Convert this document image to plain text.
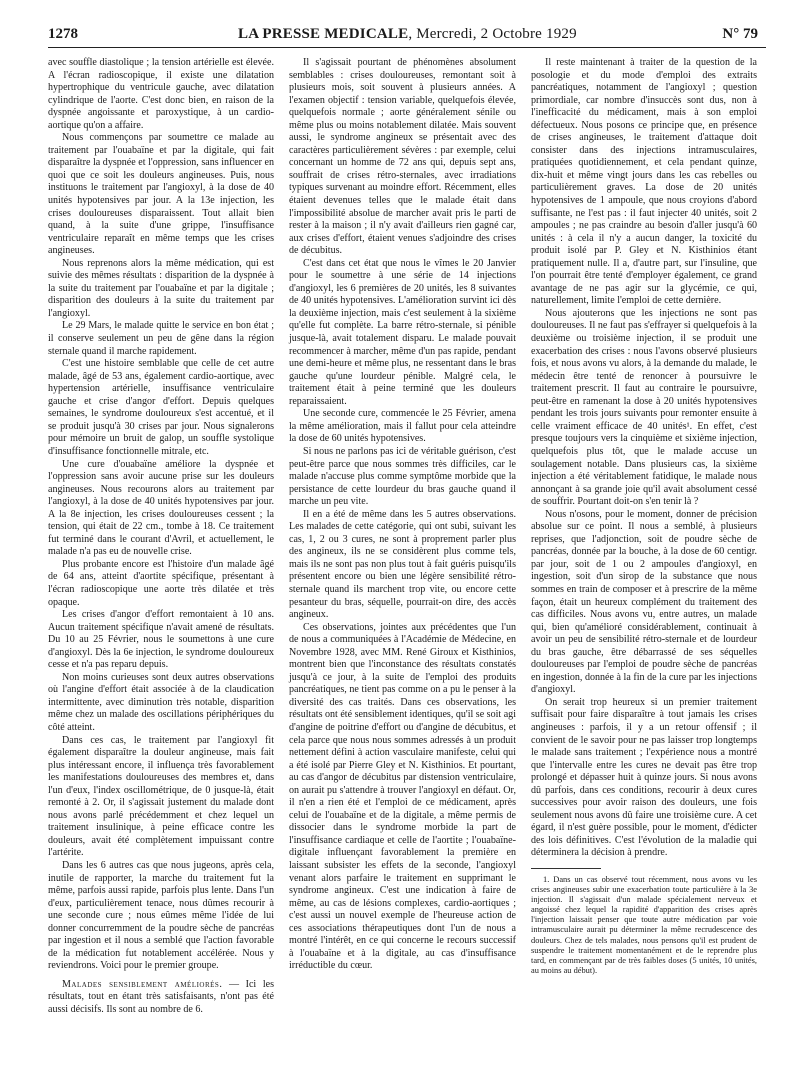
1278	LA PRESSE MEDICALE, Mercredi, 2 Octobre 1929	N° 79

avec souffle diastolique ; la tension artérielle est élevée. A l'écran radioscopique, il existe une dilatation hypertrophique du ventricule gauche, avec dilatation cylindrique de l'aorte. C'est donc bien, en raison de la dyspnée angoissante et paroxystique, à un cardio-aortique qu'on a affaire.

Nous commençons par soumettre ce malade au traitement par l'ouabaïne et par la digitale, qui fait disparaître la dyspnée et l'oppression, sans influencer en quoi que ce soit les douleurs angineuses. Puis, nous instituons le traitement par l'angioxyl, à la dose de 40 unités hypotensives par jour. A la 13e injection, les crises douloureuses disparaissent. Tout allait bien quand, à la suite d'une grippe, l'insuffisance ventriculaire reparaît en même temps que les crises angineuses.

Nous reprenons alors la même médication, qui est suivie des mêmes résultats : disparition de la dyspnée à la suite du traitement par l'ouabaïne et par la digitale ; disparition des douleurs à la suite du traitement par l'angioxyl.

Le 29 Mars, le malade quitte le service en bon état ; il conserve seulement un peu de gêne dans la région sternale quand il marche rapidement.

C'est une histoire semblable que celle de cet autre malade, âgé de 53 ans, également cardio-aortique, avec hypertension artérielle, insuffisance ventriculaire gauche et crise d'angor d'effort. Depuis quelques semaines, le syndrome douloureux s'est accentué, et il se produit jusqu'à 30 crises par jour. Nous signalerons pour mémoire un bruit de galop, un souffle systolique d'insuffisance fonctionnelle mitrale, etc.

Une cure d'ouabaïne améliore la dyspnée et l'oppression sans avoir aucune prise sur les douleurs angineuses. Nous recourons alors au traitement par l'angioxyl, à la dose de 40 unités hypotensives par jour. A la 8e injection, les crises douloureuses cessent ; la tension, qui était de 22 cm., tombe à 18. Ce traitement fut terminé dans le courant d'Avril, et actuellement, le malade n'a pas eu de nouvelle crise.

Plus probante encore est l'histoire d'un malade âgé de 64 ans, atteint d'aortite spécifique, présentant à l'écran radioscopique une aorte très dilatée et très opaque.

Les crises d'angor d'effort remontaient à 10 ans. Aucun traitement spécifique n'avait amené de résultats. Du 10 au 25 Février, nous le soumettons à une cure d'angioxyl. Dès la 6e injection, le syndrome douloureux cesse et n'a pas reparu depuis.

Non moins curieuses sont deux autres observations où l'angine d'effort était associée à de la claudication intermittente, avec diminution très notable, disparition même chez un malade des oscillations périphériques du côté atteint.

Dans ces cas, le traitement par l'angioxyl fit également disparaître la douleur angineuse, mais fait plus intéressant encore, il influença très favorablement les manifestations douloureuses des membres et, dans l'un d'eux, l'index oscillométrique, de 0 jusque-là, était remonté à 2. Or, il s'agissait justement du malade dont nous avons parlé précédemment et chez lequel un traitement insulinique, à peine efficace contre les douleurs, avait été complètement impuissant contre l'artérite.

Dans les 6 autres cas que nous jugeons, après cela, inutile de rapporter, la marche du traitement fut la même, parfois aussi rapide, parfois plus lente. Dans l'un d'eux, particulièrement tenace, nous dûmes recourir à une seconde cure ; nous eûmes même l'idée de lui donner concurremment de la poudre sèche de pancréas par ingestion et il nous a semblé que l'action favorable de la médication fut notablement accélérée. Nous y reviendrons. Voici pour le premier groupe.

Malades sensiblement améliorés. — Ici les résultats, tout en étant très satisfaisants, n'ont pas été aussi décisifs. Ils sont au nombre de 6.

Il s'agissait pourtant de phénomènes absolument semblables : crises douloureuses, remontant soit à plusieurs mois, soit souvent à plusieurs années. A l'examen objectif : tension variable, quelquefois élevée, quelquefois normale ; aorte généralement sénile ou même plus ou moins notablement dilatée. Mais souvent aussi, le syndrome angineux se présentait avec des caractères particulièrement sévères : par exemple, celui concernant un homme de 72 ans qui, depuis sept ans, souffrait de crises rétro-sternales, avec irradiations typiques survenant au moindre effort. Récemment, elles étaient devenues telles que le malade était dans l'impossibilité absolue de marcher avait pris le parti de rester à la maison ; il n'y avait d'ailleurs rien gagné car, aux crises d'effort, étaient venues s'adjoindre des crises de décubitus.

C'est dans cet état que nous le vîmes le 20 Janvier pour le soumettre à une série de 14 injections d'angioxyl, les 6 premières de 20 unités, les 8 suivantes de 40 unités hypotensives. L'amélioration survint ici dès la deuxième injection, mais c'est seulement à la sixième qu'elle fut complète. La barre rétro-sternale, si pénible jusque-là, avait totalement disparu. Le malade pouvait recommencer à marcher, même d'un pas rapide, pendant une demi-heure et même plus, ne ressentant dans le bras gauche qu'une lourdeur pénible. Malgré cela, le traitement était à peine terminé que les douleurs reparaissaient.

Une seconde cure, commencée le 25 Février, amena la même amélioration, mais il fallut pour cela atteindre la dose de 60 unités hypotensives.

Si nous ne parlons pas ici de véritable guérison, c'est peut-être parce que nous sommes très difficiles, car le malade n'accuse plus comme symptôme morbide que la persistance de cette lourdeur du bras gauche quand il marche un peu vite.

Il en a été de même dans les 5 autres observations. Les malades de cette catégorie, qui ont subi, suivant les cas, 1, 2 ou 3 cures, ne sont à proprement parler plus des angineux, ils ne se considèrent plus comme tels, mais ils ne sont pas non plus tout à fait guéris puisqu'ils présentent encore ou bien une légère sensibilité rétro-sternale quand ils marchent trop vite, ou encore cette pesanteur du bras, séquelle, pourrait-on dire, des accès angineux.

Ces observations, jointes aux précédentes que l'un de nous a communiquées à l'Académie de Médecine, en Novembre 1928, avec MM. René Giroux et Kisthinios, montrent bien que l'inconstance des résultats constatés jusqu'à ce jour, à la suite de l'emploi des produits pancréatiques, ne tient pas comme on a pu le penser à la diversité des cas traités. Dans ces observations, les résultats ont été sensiblement identiques, qu'il se soit agi d'angine de poitrine d'effort ou d'angine de décubitus, et cela parce que nous nous sommes adressés à un produit nettement défini à action vasculaire manifeste, celui qui a été isolé par Pierre Gley et N. Kisthinios. Et pourtant, au cas d'angor de décubitus par distension ventriculaire, on aurait pu s'attendre à trouver l'angioxyl en défaut. Or, il n'en a rien été et l'emploi de ce médicament, après celui de l'ouabaïne et de la digitale, a même permis de dissocier dans le syndrome morbide la part de l'insuffisance cardiaque et celle de l'aortite ; l'ouabaïne-digitale influençant favorablement la première en laissant subsister les effets de la seconde, l'angioxyl venant alors parfaire le traitement en supprimant le syndrome angineux. C'est une indication à faire de même, au cas de lésions complexes, cardio-aortiques ; c'est aussi un nouvel exemple de l'heureuse action de ces associations thérapeutiques dont l'un de nous a montré l'intérêt, en ce qui concerne le recours successif à l'ouabaïne et à la digitale, au cas d'insuffisance irréductible du cœur.

Il reste maintenant à traiter de la question de la posologie et du mode d'emploi des extraits pancréatiques, notamment de l'angioxyl ; question primordiale, car nombre d'insuccès sont dus, non à l'inefficacité du médicament, mais à son emploi défectueux. Nous posons ce principe que, en présence de crises angineuses, le traitement d'attaque doit consister dans des injections intramusculaires, pratiquées quotidiennement, et cela pendant quinze, dix-huit et même vingt jours dans les cas rebelles ou particulièrement graves. La dose de 20 unités hypotensives de 1 ampoule, que nous croyions d'abord suffisante, ne l'est pas : il faut injecter 40 unités, soit 2 ampoules ; ne pas craindre au besoin d'aller jusqu'à 60 unités : à cela il n'y a aucun danger, la toxicité du produit isolé par P. Gley et N. Kisthinios étant pratiquement nulle. Il a, d'autre part, sur l'insuline, que l'on pourrait être tenté d'employer également, ce grand avantage de ne pas agir sur la glycémie, ce qui, naturellement, limite l'emploi de cette dernière.

Nous ajouterons que les injections ne sont pas douloureuses. Il ne faut pas s'effrayer si quelquefois à la deuxième ou troisième injection, il se produit une exacerbation des crises : nous l'avons observé plusieurs fois, et nous avons vu alors, à la demande du malade, le médecin être tenté de renoncer à poursuivre le traitement prescrit. Il faut au contraire le poursuivre, peut-être en ramenant la dose à 20 unités hypotensives pendant les trois jours suivants pour remonter ensuite à celle vraiment efficace de 40 unités¹. En effet, c'est presque toujours vers la cinquième et sixième injection, quelquefois plus tôt, que le malade accuse un soulagement notable. Dans plusieurs cas, la sixième injection a été véritablement fatidique, le malade nous annonçant à sa grande joie qu'il avait absolument cessé de souffrir. Pourtant doit-on s'en tenir là ?

Nous n'osons, pour le moment, donner de précision absolue sur ce point. Il nous a semblé, à plusieurs reprises, que l'adjonction, soit de poudre sèche de pancréas, donnée par la bouche, à la dose de 60 centigr. par jour, soit de 1 ou 2 ampoules d'angioxyl, en ingestion, soit d'un sirop de la substance que nous sommes en train de composer et à prescrire de la même façon, était un heureux complément du traitement des cas difficiles. Nous avons vu, entre autres, un malade qui, bien qu'amélioré considérablement, continuait à avoir un peu de sensibilité rétro-sternale et de lourdeur du bras gauche, être débarrassé de ses séquelles douloureuses par l'emploi de poudre sèche de pancréas en ingestion, donnée à la fin de la cure par les injections d'angioxyl.

On serait trop heureux si un premier traitement suffisait pour faire disparaître à tout jamais les crises angineuses : parfois, il y a un retour offensif ; il convient de le savoir pour ne pas laisser trop longtemps le malade sans traitement ; l'expérience nous a montré que l'intervalle entre les cures ne devait pas être trop prolongé et dépasser huit à quinze jours. Si nous avons dû parfois, dans ces conditions, recourir à deux cures successives pour avoir raison des douleurs, une fois seulement nous avons dû faire une troisième cure. A cet égard, il n'est guère possible, pour le moment, d'édicter des lois définitives. C'est l'évolution de la maladie qui déterminera la décision à prendre.

1. Dans un cas observé tout récemment, nous avons vu les crises angineuses subir une exacerbation toute particulière à la 3e injection. Il s'agissait d'un malade spécialement nerveux et angoissé chez lequel la rapidité d'apparition des crises après l'injection laissait penser que toute autre médication par voie intramusculaire aurait pu déterminer la même recrudescence des douleurs. Chez de tels malades, nous pensons qu'il est prudent de suspendre le traitement momentanément et de le reprendre plus tard, en commençant par de très faibles doses (5 unités, 10 unités, au moins au début).
